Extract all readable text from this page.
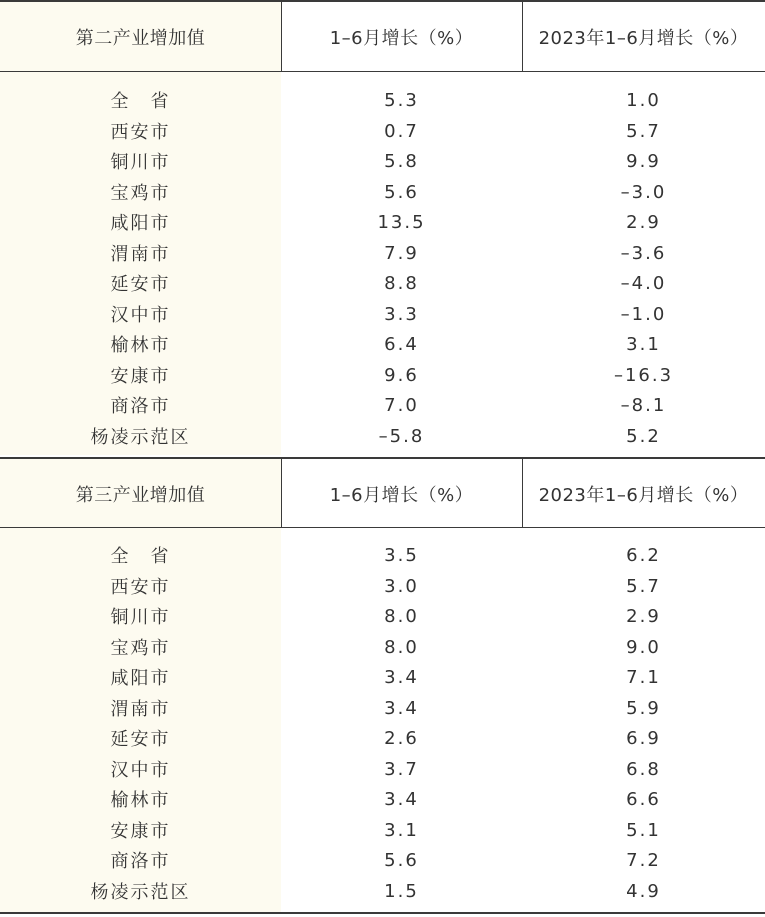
第二产业增加值	1–6月增长（%）	2023年1–6月增长（%）
全　省	5.3	1.0
西安市	0.7	5.7
铜川市	5.8	9.9
宝鸡市	5.6	–3.0
咸阳市	13.5	2.9
渭南市	7.9	–3.6
延安市	8.8	–4.0
汉中市	3.3	–1.0
榆林市	6.4	3.1
安康市	9.6	–16.3
商洛市	7.0	–8.1
杨凌示范区	–5.8	5.2
第三产业增加值	1–6月增长（%）	2023年1–6月增长（%）
全　省	3.5	6.2
西安市	3.0	5.7
铜川市	8.0	2.9
宝鸡市	8.0	9.0
咸阳市	3.4	7.1
渭南市	3.4	5.9
延安市	2.6	6.9
汉中市	3.7	6.8
榆林市	3.4	6.6
安康市	3.1	5.1
商洛市	5.6	7.2
杨凌示范区	1.5	4.9
